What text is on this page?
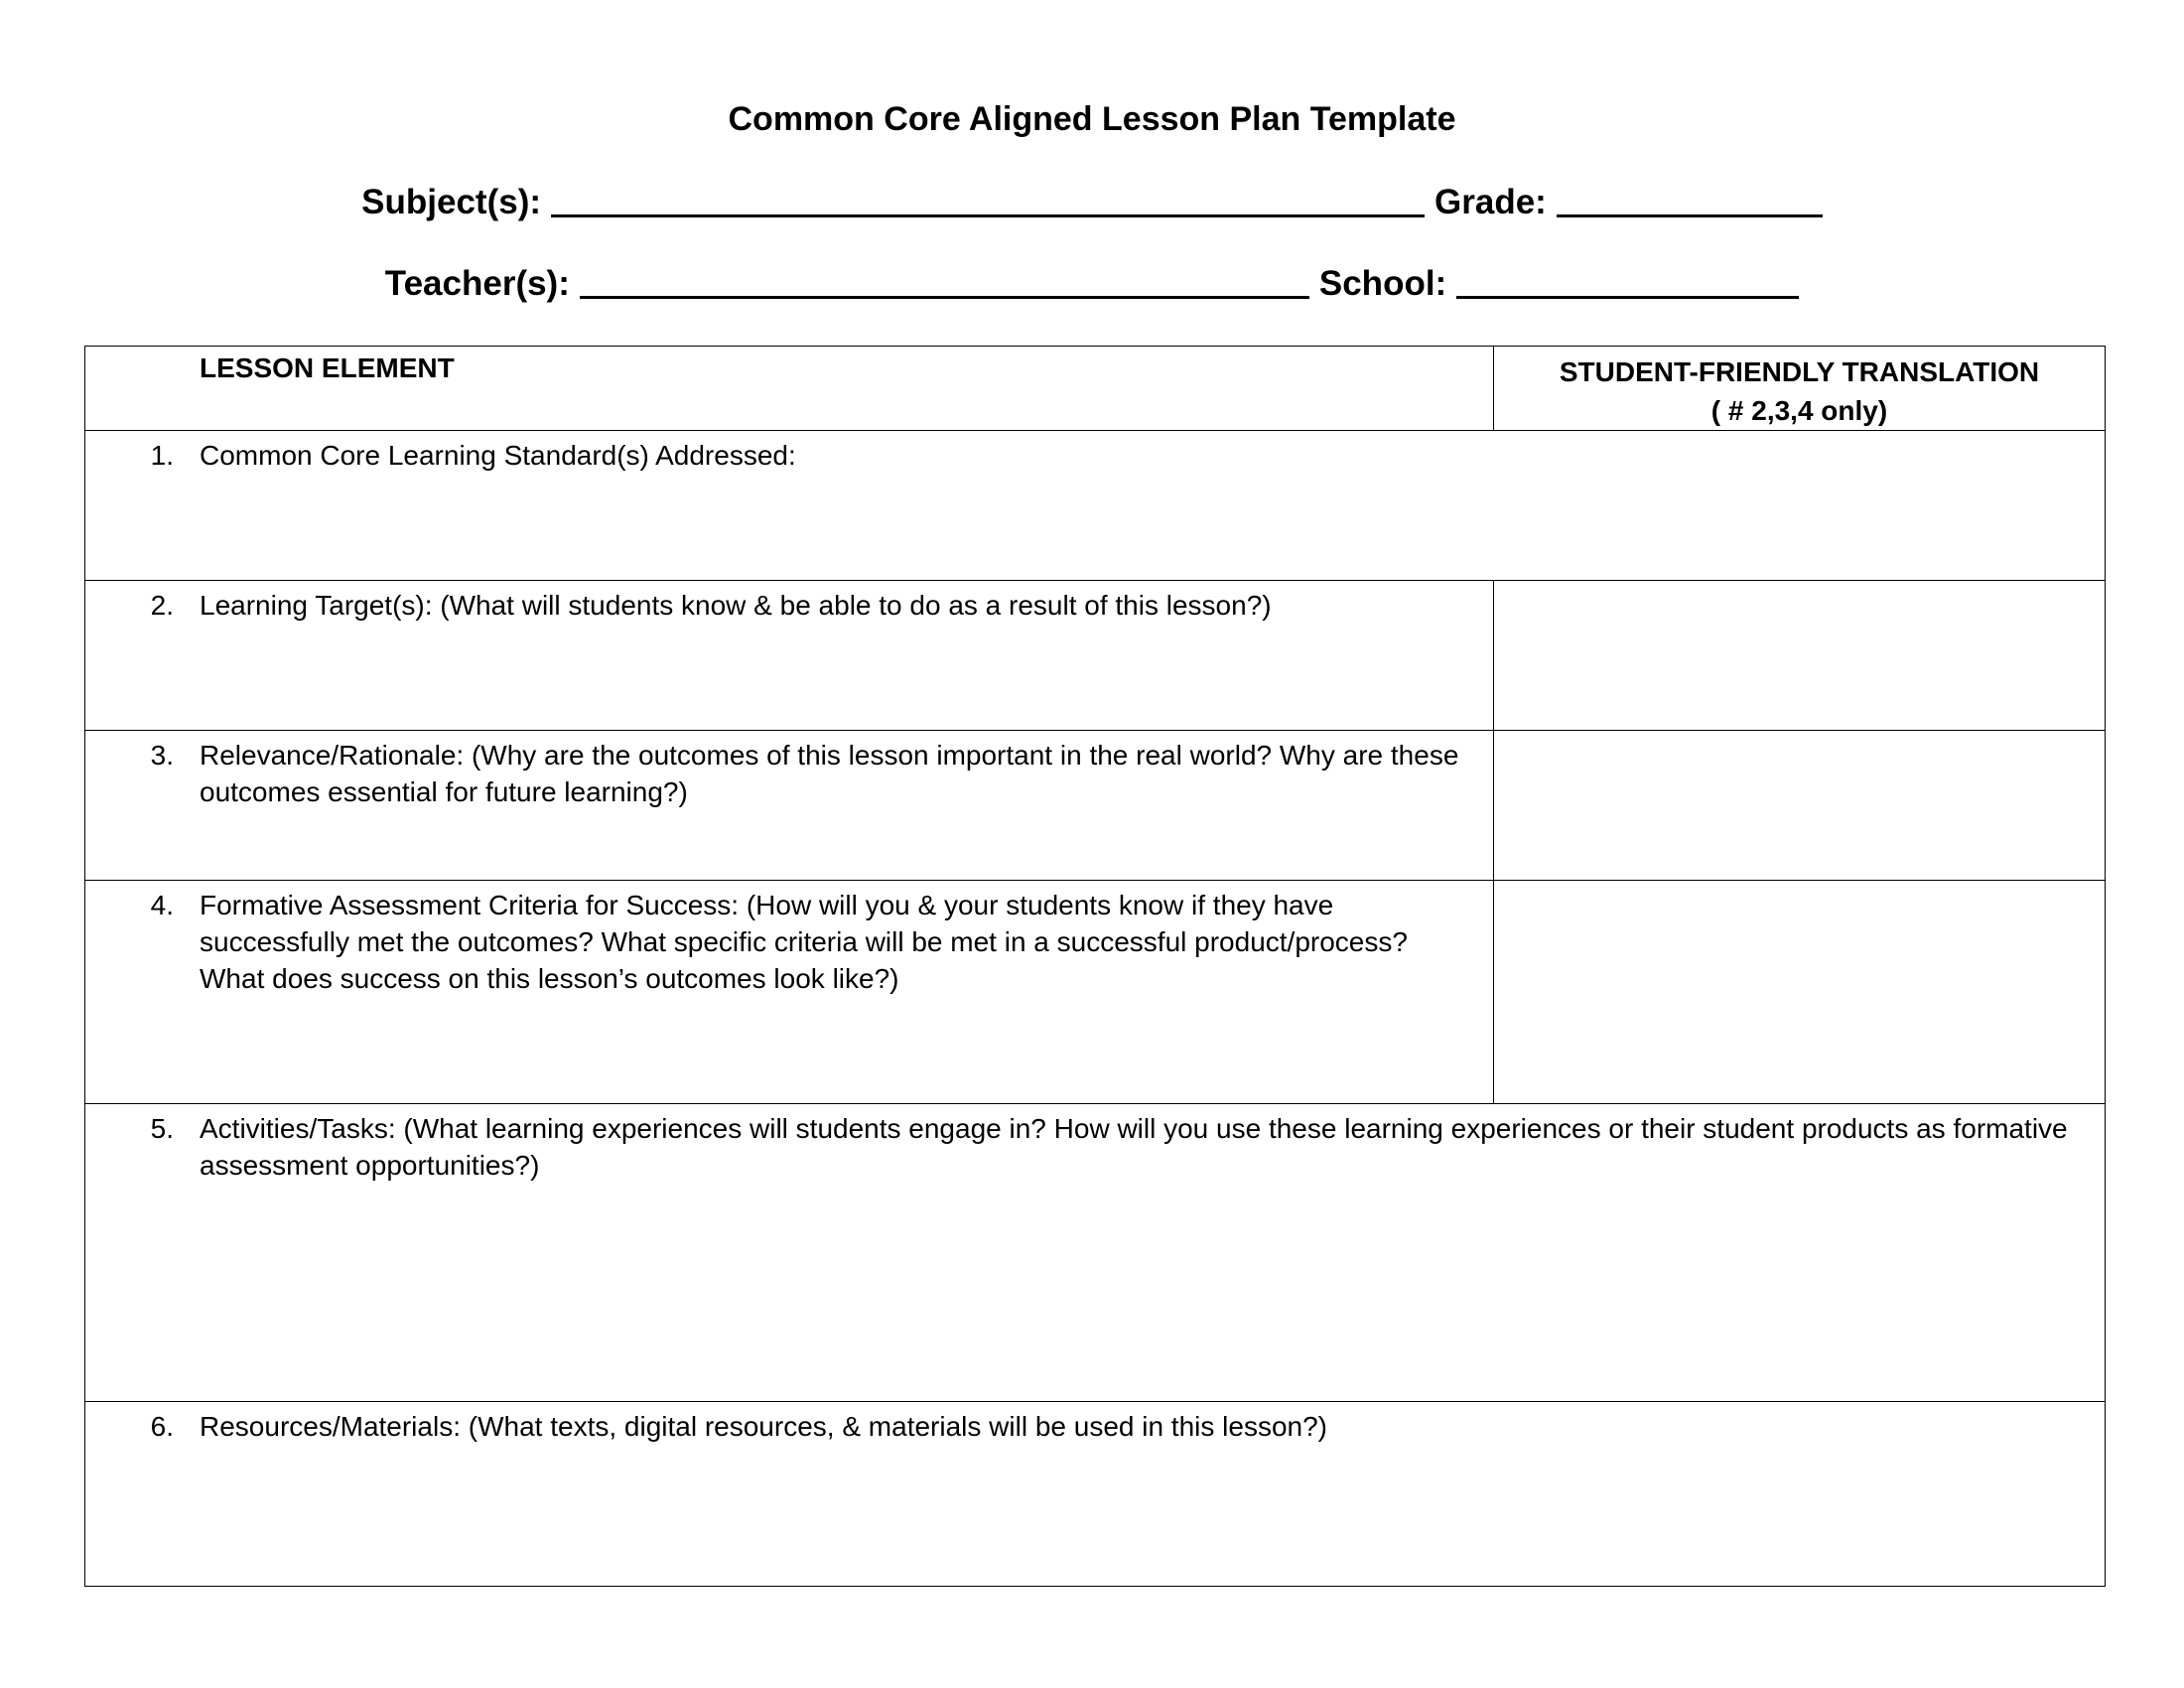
Common Core Aligned Lesson Plan Template
Subject(s):	Grade:
Teacher(s):	School:
LESSON ELEMENT	STUDENT-FRIENDLY TRANSLATION
( # 2,3,4 only)

1. Common Core Learning Standard(s) Addressed:	

2. Learning Target(s): (What will students know & be able to do as a result of this lesson?)	

3. Relevance/Rationale: (Why are the outcomes of this lesson important in the real world? Why are these outcomes essential for future learning?)	

4. Formative Assessment Criteria for Success: (How will you & your students know if they have successfully met the outcomes? What specific criteria will be met in a successful product/process? What does success on this lesson’s outcomes look like?)	

5. Activities/Tasks: (What learning experiences will students engage in? How will you use these learning experiences or their student products as formative assessment opportunities?)	

6. Resources/Materials: (What texts, digital resources, & materials will be used in this lesson?)	
